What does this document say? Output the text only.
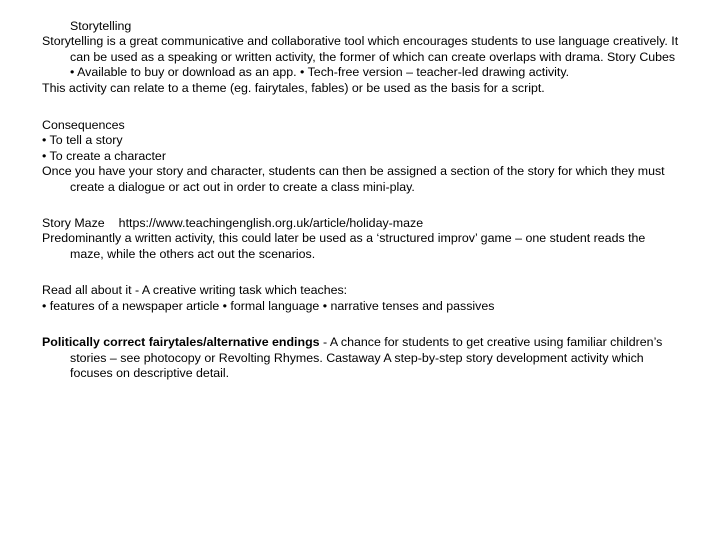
Storytelling
Storytelling is a great communicative and collaborative tool which encourages students to use language creatively. It can be used as a speaking or written activity, the former of which can create overlaps with drama. Story Cubes • Available to buy or download as an app. • Tech-free version – teacher-led drawing activity.
This activity can relate to a theme (eg. fairytales, fables) or be used as the basis for a script.
Consequences
• To tell a story
• To create a character
Once you have your story and character, students can then be assigned a section of the story for which they must create a dialogue or act out in order to create a class mini-play.
Story Maze https://www.teachingenglish.org.uk/article/holiday-maze
Predominantly a written activity, this could later be used as a ‘structured improv’ game – one student reads the maze, while the others act out the scenarios.
Read all about it - A creative writing task which teaches:
• features of a newspaper article • formal language • narrative tenses and passives
Politically correct fairytales/alternative endings - A chance for students to get creative using familiar children’s stories – see photocopy or Revolting Rhymes. Castaway A step-by-step story development activity which focuses on descriptive detail.
